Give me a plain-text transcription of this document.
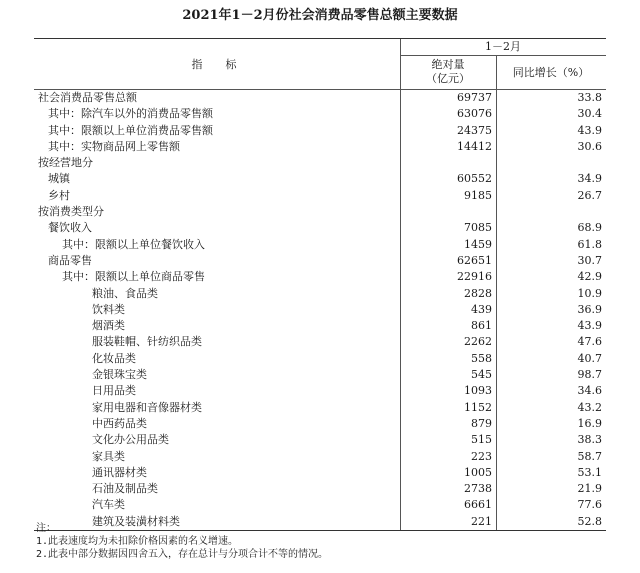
2021年1－2月份社会消费品零售总额主要数据
指　标
1－2月
绝对量
（亿元）	同比增长（%）
社会消费品零售总额	69737	33.8
其中：除汽车以外的消费品零售额	63076	30.4
其中：限额以上单位消费品零售额	24375	43.9
其中：实物商品网上零售额	14412	30.6
按经营地分
城镇	60552	34.9
乡村	9185	26.7
按消费类型分
餐饮收入	7085	68.9
其中：限额以上单位餐饮收入	1459	61.8
商品零售	62651	30.7
其中：限额以上单位商品零售	22916	42.9
粮油、食品类	2828	10.9
饮料类	439	36.9
烟酒类	861	43.9
服装鞋帽、针纺织品类	2262	47.6
化妆品类	558	40.7
金银珠宝类	545	98.7
日用品类	1093	34.6
家用电器和音像器材类	1152	43.2
中西药品类	879	16.9
文化办公用品类	515	38.3
家具类	223	58.7
通讯器材类	1005	53.1
石油及制品类	2738	21.9
汽车类	6661	77.6
建筑及装潢材料类	221	52.8
注：
1.此表速度均为未扣除价格因素的名义增速。
2.此表中部分数据因四舍五入，存在总计与分项合计不等的情况。
